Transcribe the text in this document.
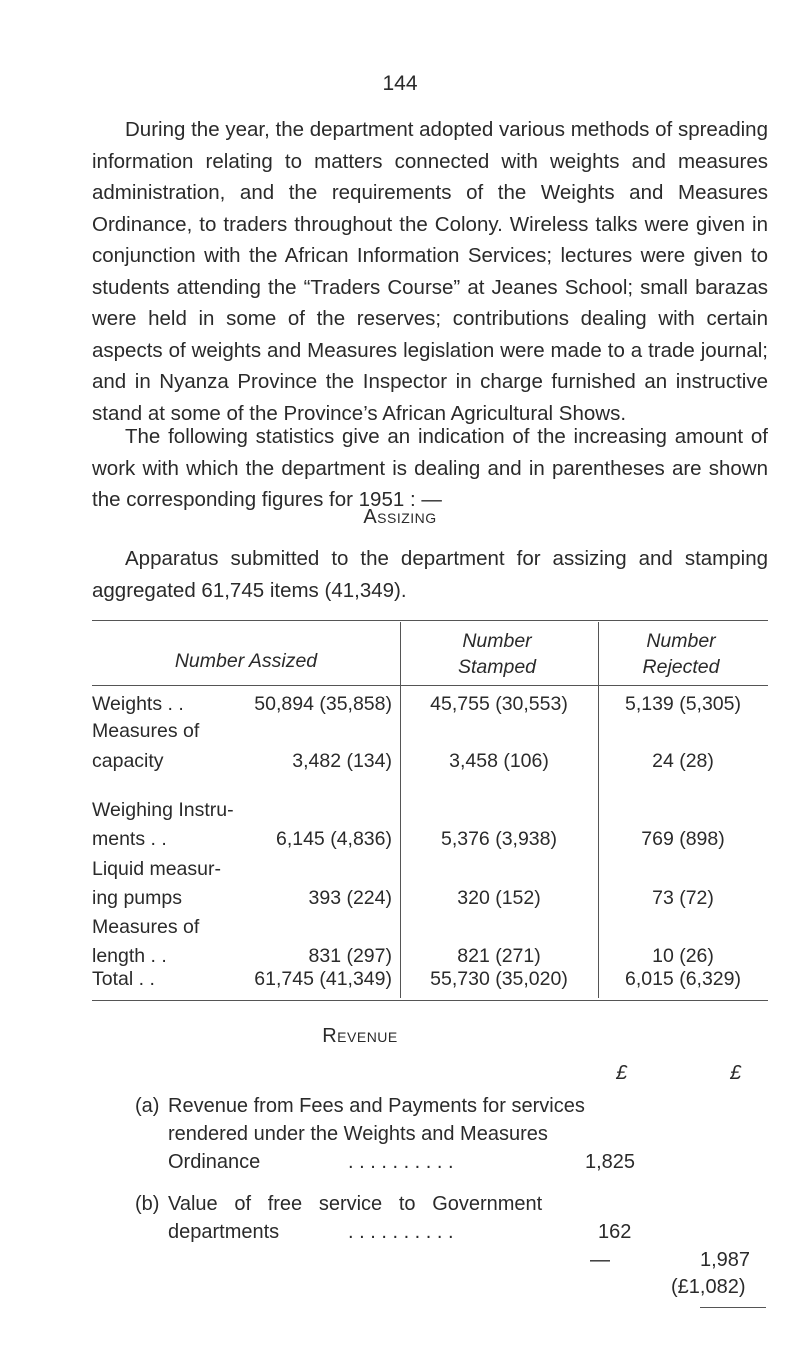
144

During the year, the department adopted various methods of spreading information relating to matters connected with weights and measures administration, and the requirements of the Weights and Measures Ordinance, to traders throughout the Colony. Wireless talks were given in conjunction with the African Information Services; lectures were given to students attending the “Traders Course” at Jeanes School; small barazas were held in some of the reserves; contributions dealing with certain aspects of weights and Measures legislation were made to a trade journal; and in Nyanza Province the Inspector in charge furnished an instructive stand at some of the Province’s African Agricultural Shows.

The following statistics give an indication of the increasing amount of work with which the department is dealing and in parentheses are shown the corresponding figures for 1951 : —

Assizing

Apparatus submitted to the department for assizing and stamping aggregated 61,745 items (41,349).

Number Assized
Number
Stamped
Number
Rejected
Revenue
Weights . .	50,894 (35,858)	45,755 (30,553)	5,139 (5,305)
Measures of
capacity	3,482 (134)	3,458 (106)	24 (28)
Weighing Instru-
ments . .	6,145 (4,836)	5,376 (3,938)	769 (898)
Liquid measur-
ing pumps	393 (224)	320 (152)	73 (72)
Measures of
length . .	831 (297)	821 (271)	10 (26)
Total . .	61,745 (41,349)	55,730 (35,020)	6,015 (6,329)
£	£
(a) Revenue from Fees and Payments for services
rendered under the Weights and Measures
Ordinance	. . . . . . . . . .	1,825
(b) Value   of   free   service   to   Government
departments	. . . . . . . . . .	162
—	1,987
(£1,082)
